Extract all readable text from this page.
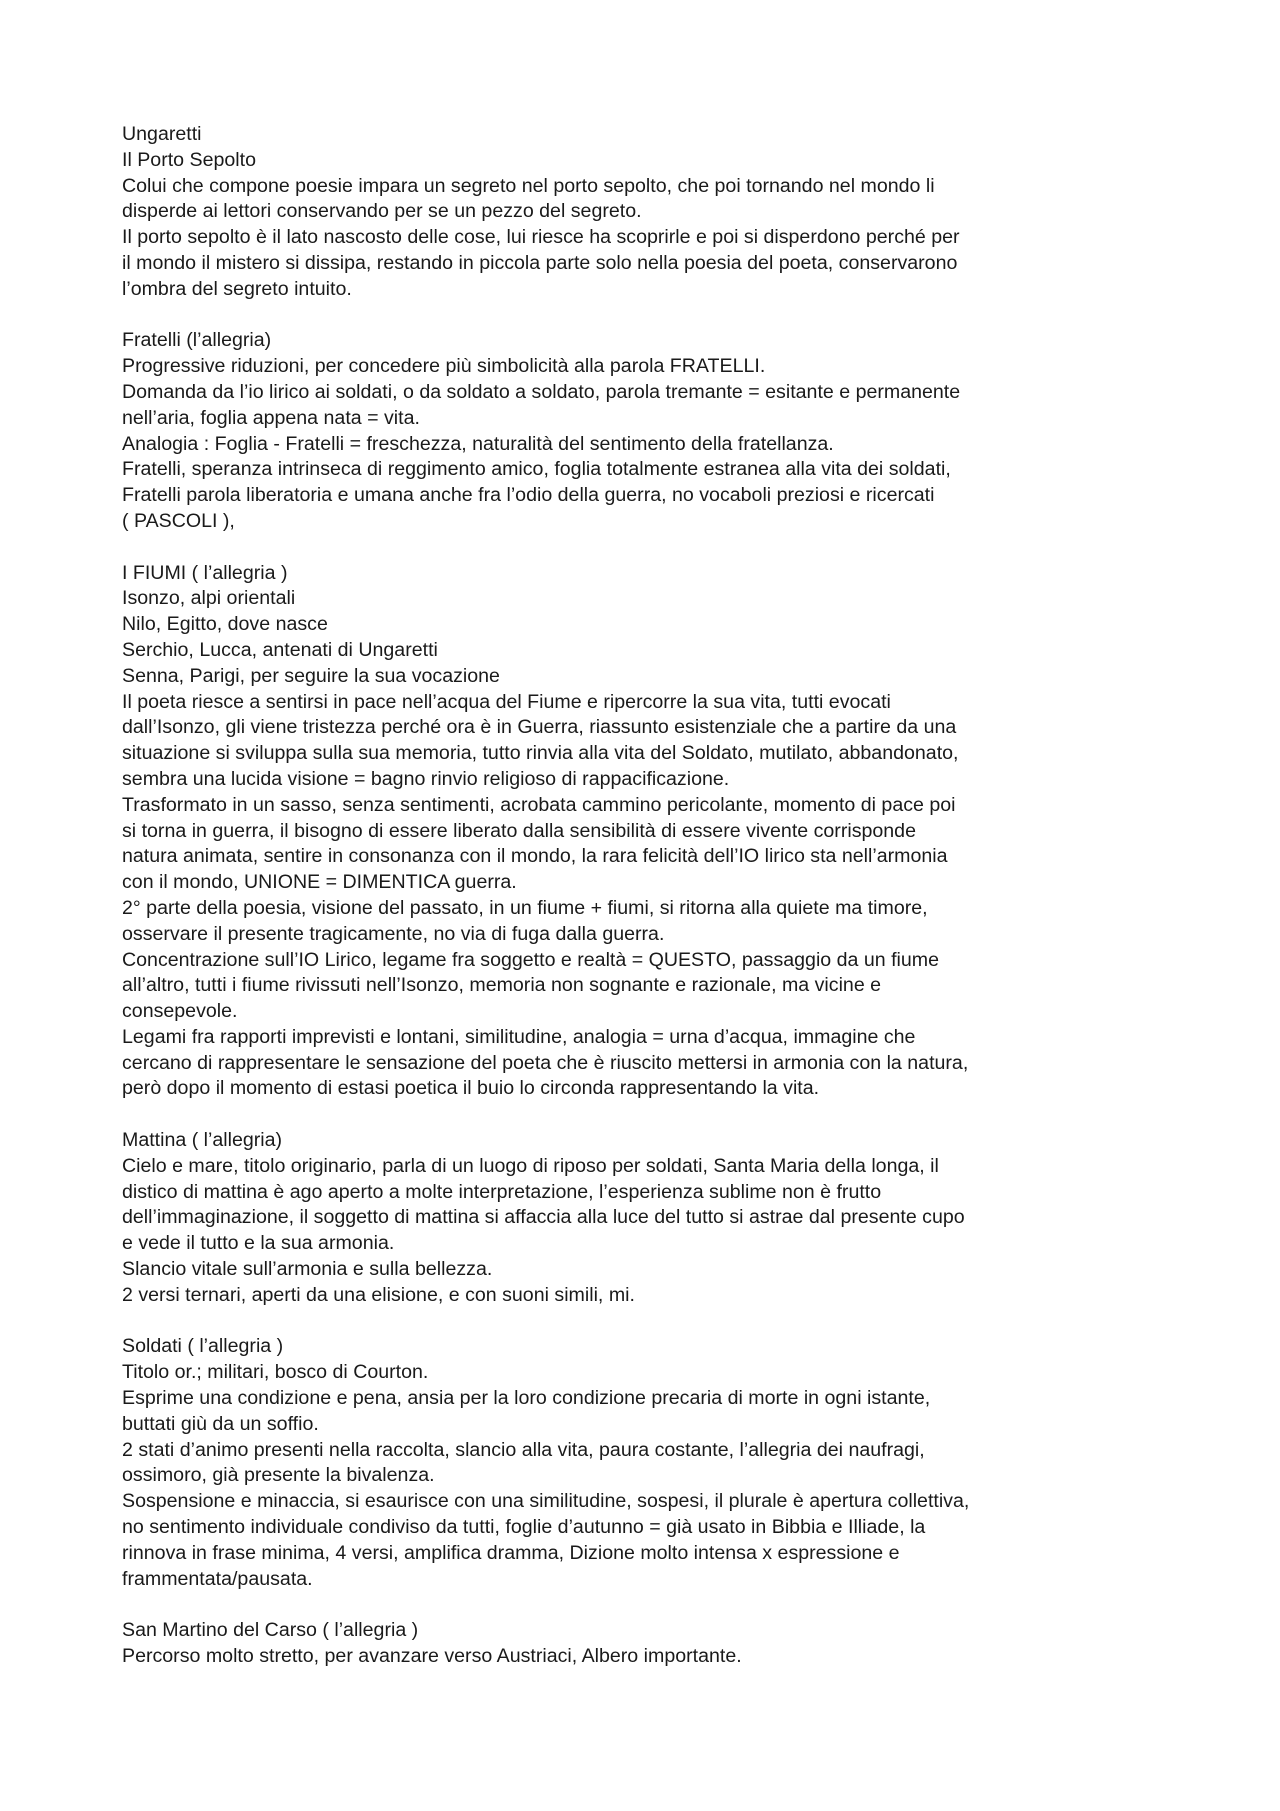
Ungaretti
Il Porto Sepolto
Colui che compone poesie impara un segreto nel porto sepolto, che poi tornando nel mondo li
disperde ai lettori conservando per se un pezzo del segreto.
Il porto sepolto è il lato nascosto delle cose, lui riesce ha scoprirle e poi si disperdono perché per
il mondo il mistero si dissipa, restando in piccola parte solo nella poesia del poeta, conservarono
l’ombra del segreto intuito.
Fratelli (l’allegria)
Progressive riduzioni, per concedere più simbolicità alla parola FRATELLI.
Domanda da l’io lirico ai soldati, o da soldato a soldato, parola tremante = esitante e permanente
nell’aria, foglia appena nata = vita.
Analogia : Foglia - Fratelli = freschezza, naturalità del sentimento della fratellanza.
Fratelli, speranza intrinseca di reggimento amico, foglia totalmente estranea alla vita dei soldati,
Fratelli parola liberatoria e umana anche fra l’odio della guerra, no vocaboli preziosi e ricercati
( PASCOLI ),
I FIUMI ( l’allegria )
Isonzo, alpi orientali
Nilo, Egitto, dove nasce
Serchio, Lucca, antenati di Ungaretti
Senna, Parigi, per seguire la sua vocazione
Il poeta riesce a sentirsi in pace nell’acqua del Fiume e ripercorre la sua vita, tutti evocati
dall’Isonzo, gli viene tristezza perché ora è in Guerra, riassunto esistenziale che a partire da una
situazione si sviluppa sulla sua memoria, tutto rinvia alla vita del Soldato, mutilato, abbandonato,
sembra una lucida visione = bagno rinvio religioso di rappacificazione.
Trasformato in un sasso, senza sentimenti, acrobata cammino pericolante, momento di pace poi
si torna in guerra, il bisogno di essere liberato dalla sensibilità di essere vivente corrisponde
natura animata, sentire in consonanza con il mondo, la rara felicità dell’IO lirico sta nell’armonia
con il mondo, UNIONE = DIMENTICA guerra.
2° parte della poesia, visione del passato, in un fiume + fiumi, si ritorna alla quiete ma timore,
osservare il presente tragicamente, no via di fuga dalla guerra.
Concentrazione sull’IO Lirico, legame fra soggetto e realtà = QUESTO, passaggio da un fiume
all’altro, tutti i fiume rivissuti nell’Isonzo, memoria non sognante e razionale, ma vicine e
consepevole.
Legami fra rapporti imprevisti e lontani, similitudine, analogia = urna d’acqua, immagine che
cercano di rappresentare le sensazione del poeta che è riuscito mettersi in armonia con la natura,
però dopo il momento di estasi poetica il buio lo circonda rappresentando la vita.
Mattina ( l’allegria)
Cielo e mare, titolo originario, parla di un luogo di riposo per soldati, Santa Maria della longa, il
distico di mattina è ago aperto a molte interpretazione, l’esperienza sublime non è frutto
dell’immaginazione, il soggetto di mattina si affaccia alla luce del tutto si astrae dal presente cupo
e vede il tutto e la sua armonia.
Slancio vitale sull’armonia e sulla bellezza.
2 versi ternari, aperti da una elisione, e con suoni simili, mi.
Soldati ( l’allegria )
Titolo or.; militari, bosco di Courton.
Esprime una condizione e pena, ansia per la loro condizione precaria di morte in ogni istante,
buttati giù da un soffio.
2 stati d’animo presenti nella raccolta, slancio alla vita, paura costante, l’allegria dei naufragi,
ossimoro, già presente la bivalenza.
Sospensione e minaccia, si esaurisce con una similitudine, sospesi, il plurale è apertura collettiva,
no sentimento individuale condiviso da tutti, foglie d’autunno = già usato in Bibbia e Illiade, la
rinnova in frase minima, 4 versi, amplifica dramma, Dizione molto intensa x espressione e
frammentata/pausata.
San Martino del Carso ( l’allegria )
Percorso molto stretto, per avanzare verso Austriaci, Albero importante.
